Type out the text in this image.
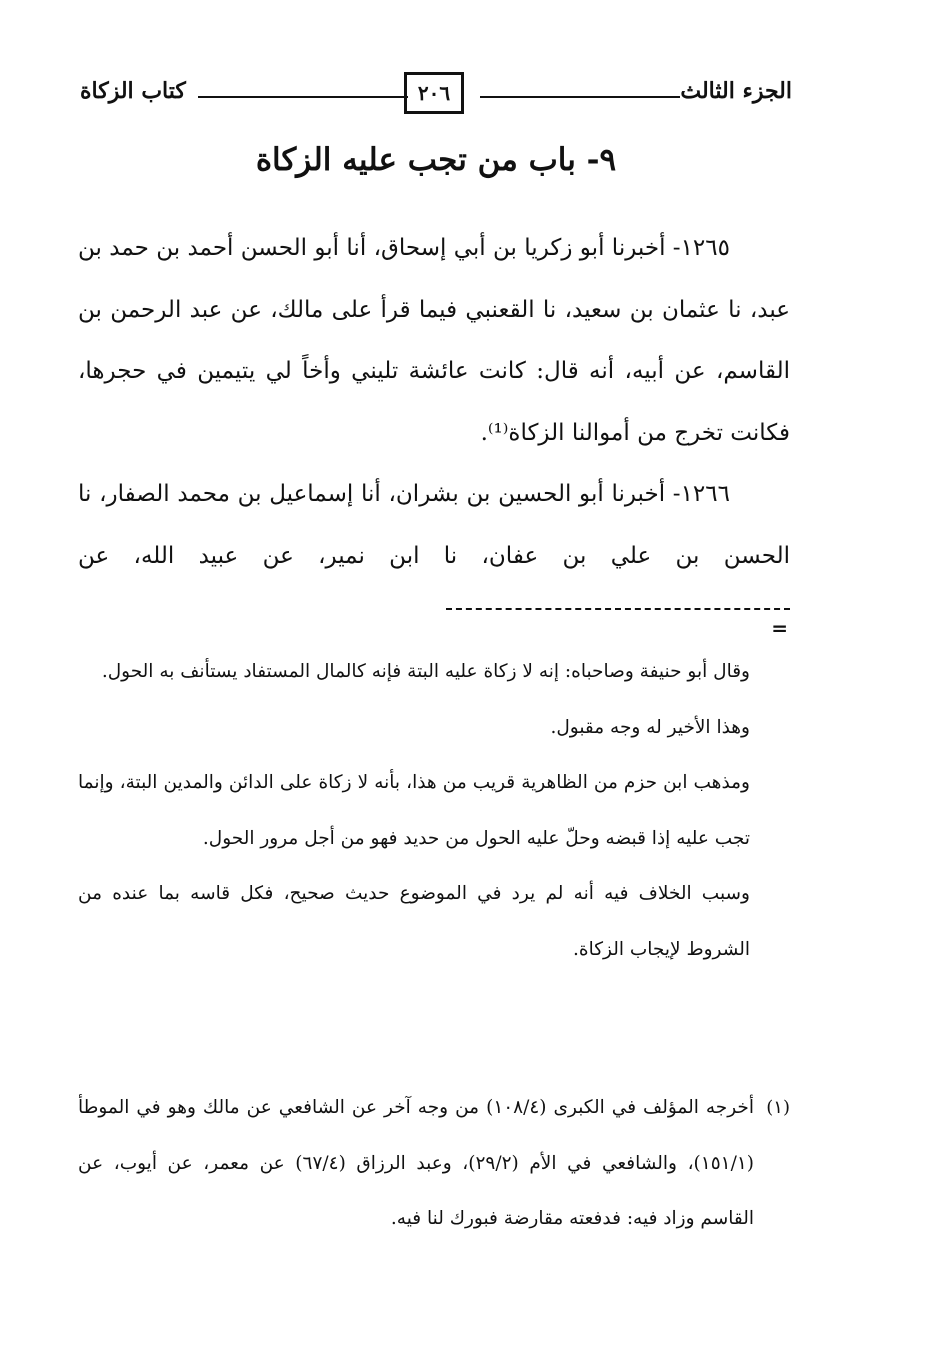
الجزء الثالث
٢٠٦
كتاب الزكاة
٩- باب من تجب عليه الزكاة

١٢٦٥- أخبرنا أبو زكريا بن أبي إسحاق، أنا أبو الحسن أحمد بن حمد بن عبد، نا عثمان بن سعيد، نا القعنبي فيما قرأ على مالك، عن عبد الرحمن بن القاسم، عن أبيه، أنه قال: كانت عائشة تليني وأخاً لي يتيمين في حجرها، فكانت تخرج من أموالنا الزكاة⁽¹⁾.

١٢٦٦- أخبرنا أبو الحسين بن بشران، أنا إسماعيل بن محمد الصفار، نا الحسن بن علي بن عفان، نا ابن نمير، عن عبيد الله، عن

=

وقال أبو حنيفة وصاحباه: إنه لا زكاة عليه البتة فإنه كالمال المستفاد يستأنف به الحول.

وهذا الأخير له وجه مقبول.

ومذهب ابن حزم من الظاهرية قريب من هذا، بأنه لا زكاة على الدائن والمدين البتة، وإنما تجب عليه إذا قبضه وحلّ عليه الحول من حديد فهو من أجل مرور الحول.

وسبب الخلاف فيه أنه لم يرد في الموضوع حديث صحيح، فكل قاسه بما عنده من الشروط لإيجاب الزكاة.

(١)

أخرجه المؤلف في الكبرى (١٠٨/٤) من وجه آخر عن الشافعي عن مالك وهو في الموطأ (١٥١/١)، والشافعي في الأم (٢٩/٢)، وعبد الرزاق (٦٧/٤) عن معمر، عن أيوب، عن القاسم وزاد فيه: فدفعته مقارضة فبورك لنا فيه.
